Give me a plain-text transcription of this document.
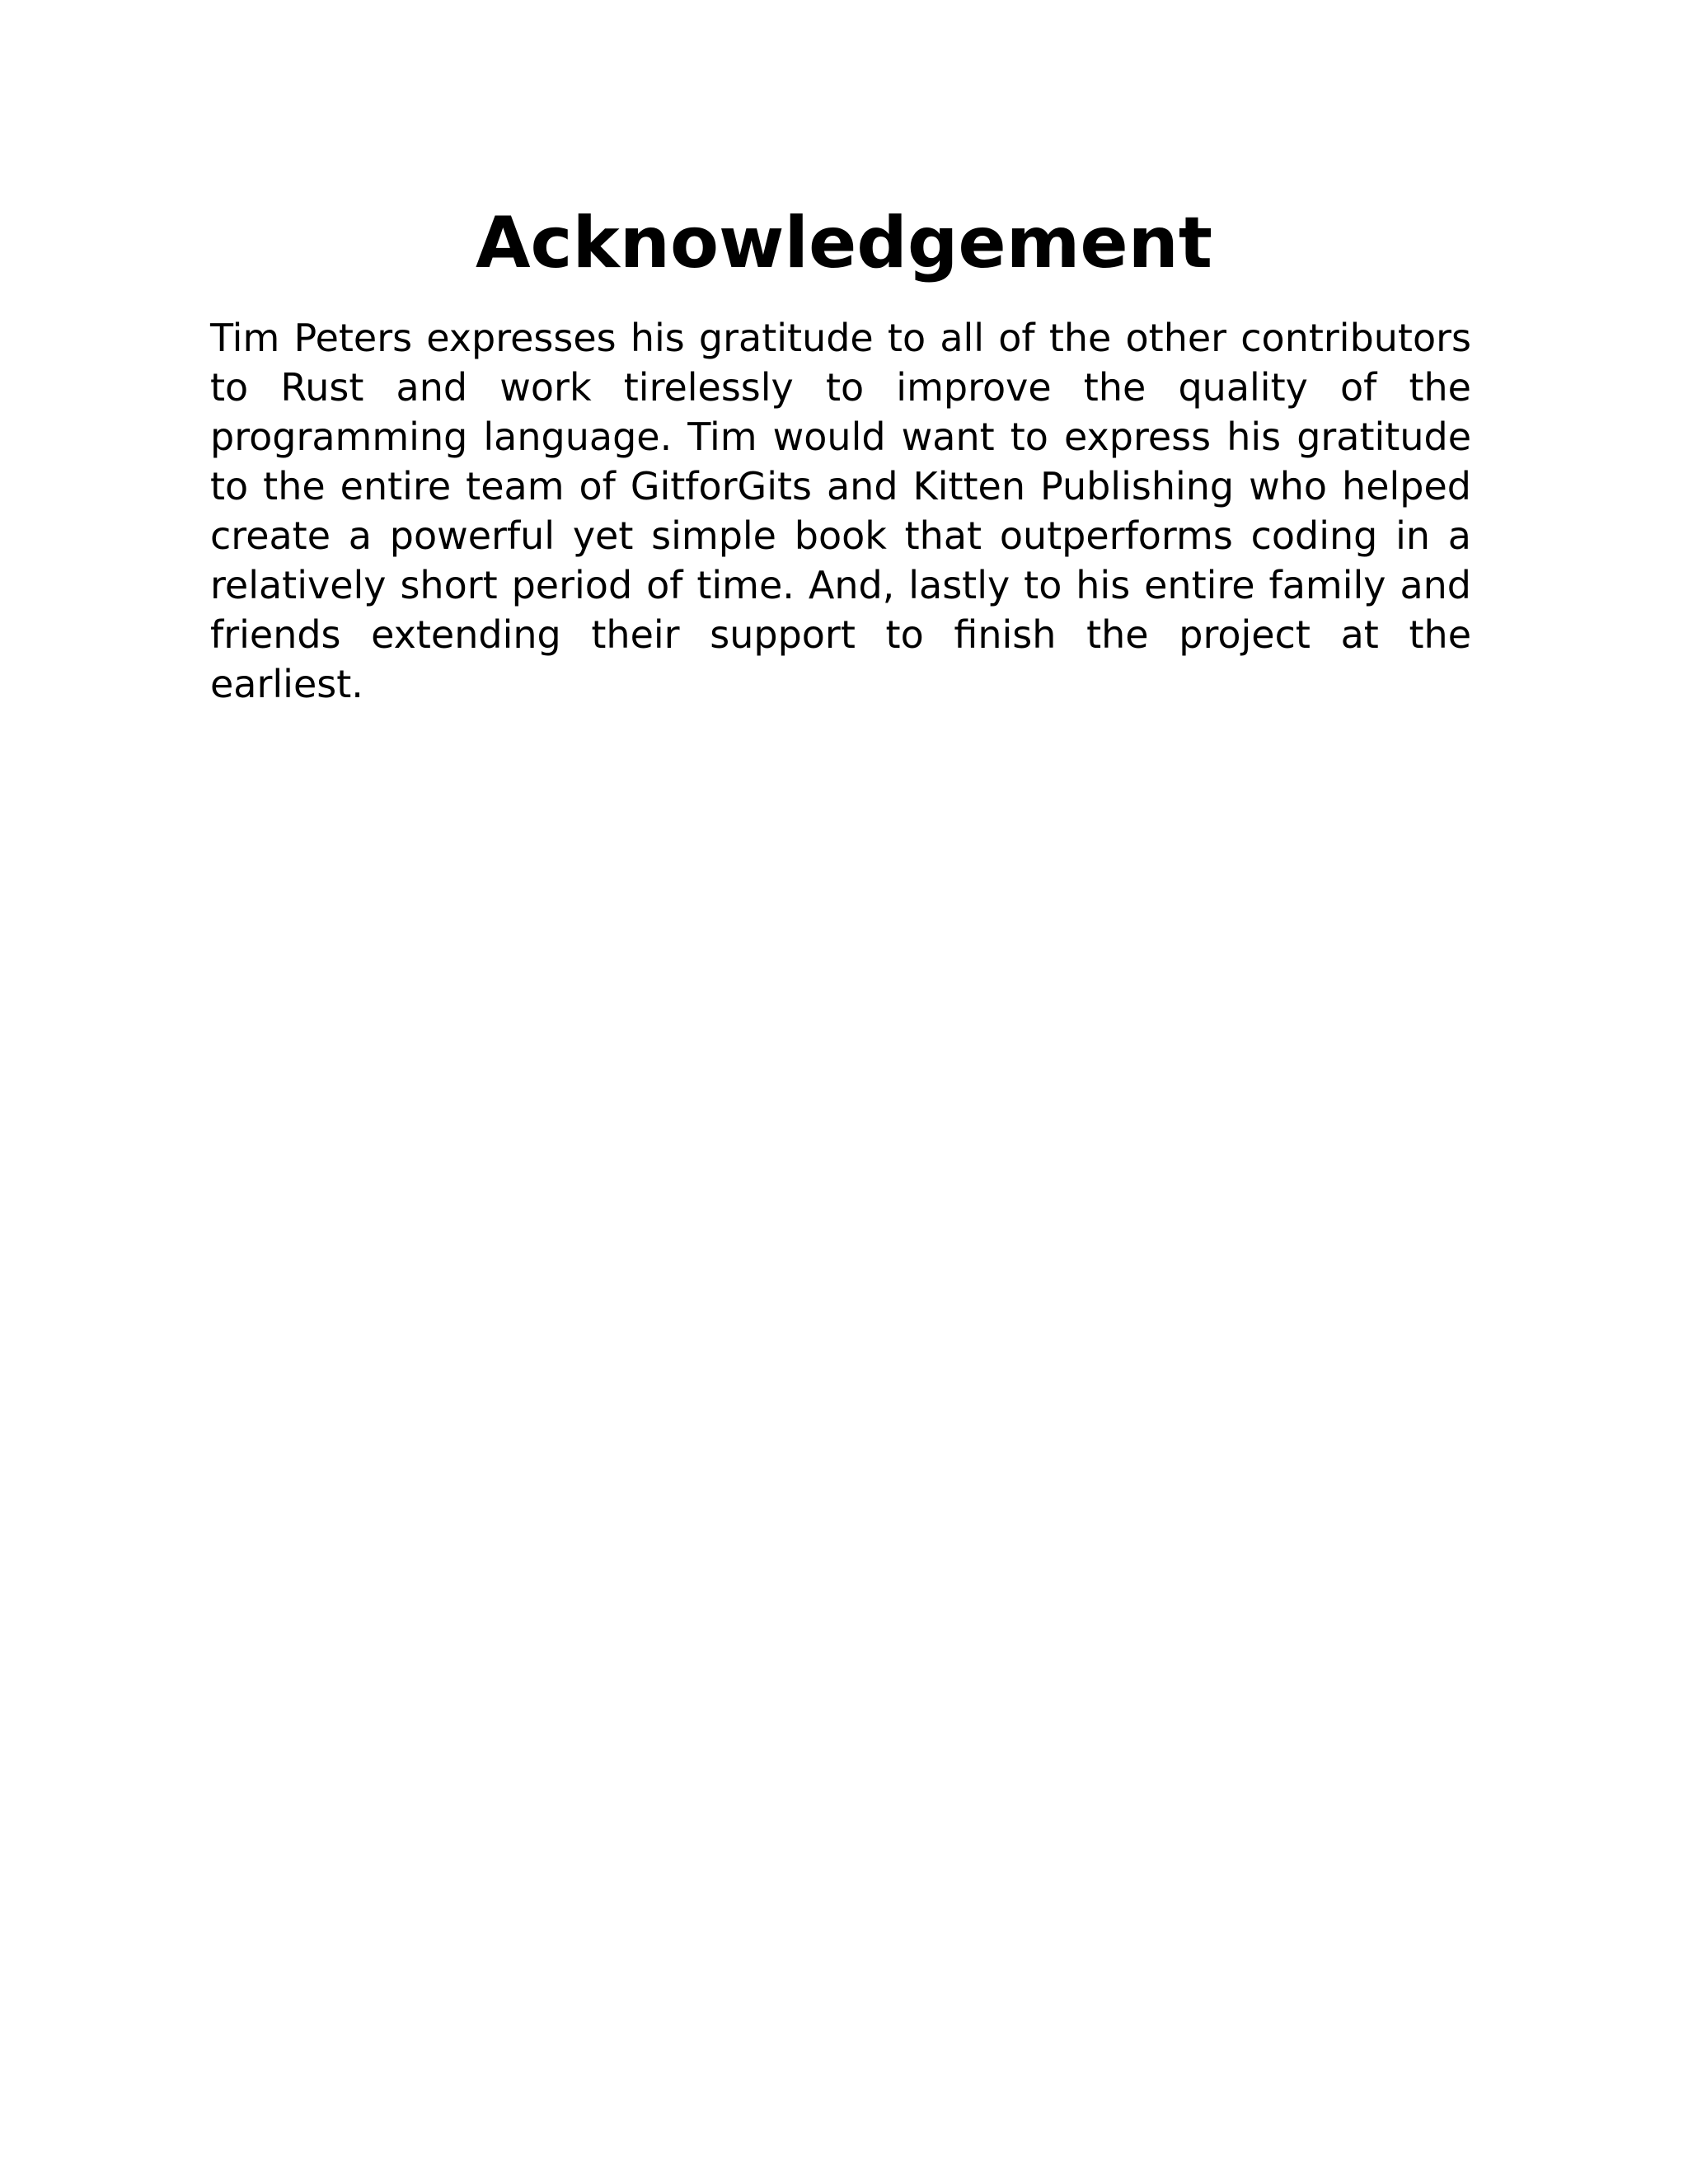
Acknowledgement

Tim Peters expresses his gratitude to all of the other contributors to Rust and work tirelessly to improve the quality of the programming language. Tim would want to express his gratitude to the entire team of GitforGits and Kitten Publishing who helped create a powerful yet simple book that outperforms coding in a relatively short period of time. And, lastly to his entire family and friends extending their support to finish the project at the earliest.
